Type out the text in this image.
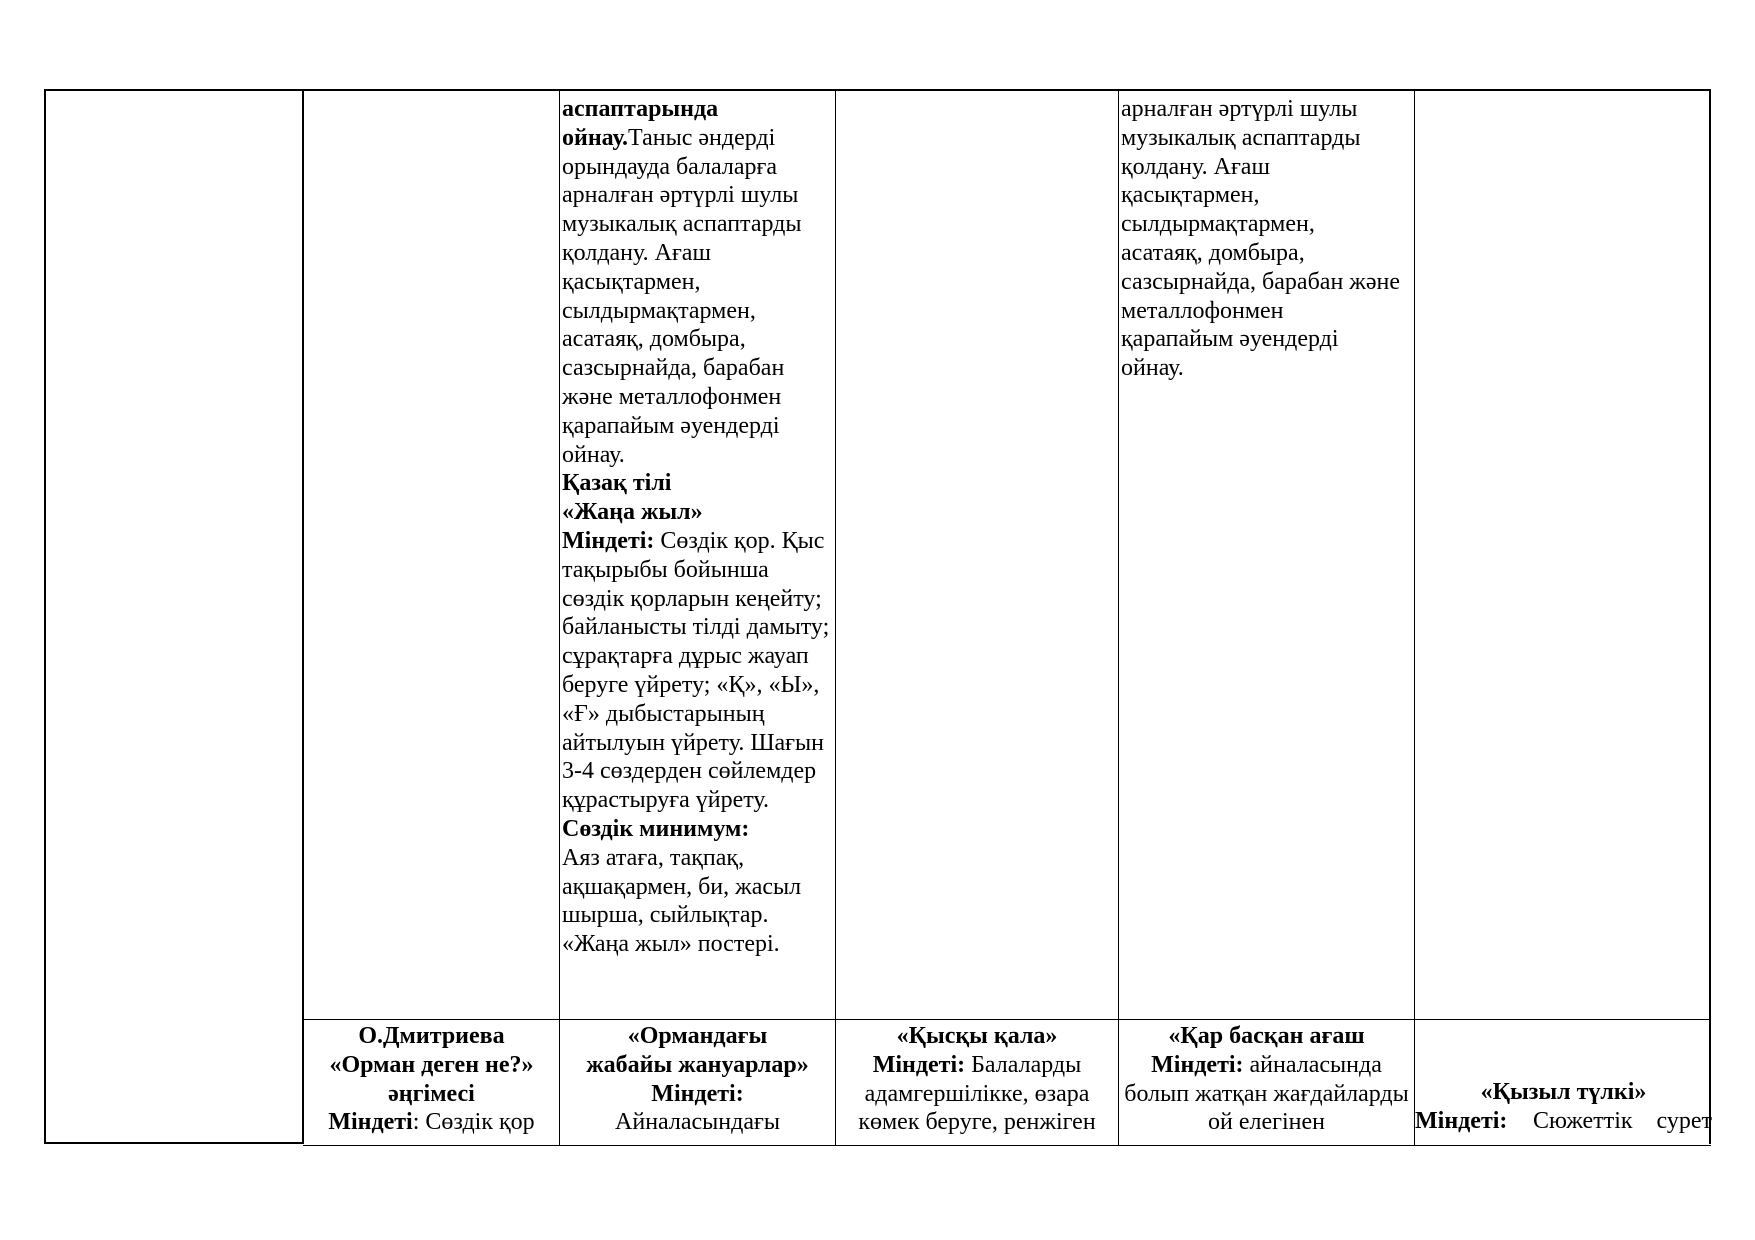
аспаптарында ойнау.Таныс әндерді орындауда балаларға арналған әртүрлі шулы музыкалық аспаптарды қолдану. Ағаш қасықтармен, сылдырмақтармен, асатаяқ, домбыра, сазсырнайда, барабан және металлофонмен қарапайым әуендерді ойнау.

Қазақ тілі

«Жаңа жыл»

Міндеті: Сөздік қор. Қыс тақырыбы бойынша сөздік қорларын кеңейту; байланысты тілді дамыту; сұрақтарға дұрыс жауап беруге үйрету; «Қ», «Ы», «Ғ» дыбыстарының айтылуын үйрету. Шағын 3-4 сөздерден сөйлемдер құрастыруға үйрету. Сөздік минимум:

Аяз атаға, тақпақ, ақшақармен, би, жасыл шырша, сыйлықтар. «Жаңа жыл» постері.

арналған әртүрлі шулы музыкалық аспаптарды қолдану. Ағаш қасықтармен, сылдырмақтармен, асатаяқ, домбыра, сазсырнайда, барабан және металлофонмен қарапайым әуендерді ойнау.

О.Дмитриева

«Орман деген не?»

әңгімесі

Міндеті: Сөздік қор

«Ормандағы

жабайы жануарлар»

Міндеті:

Айналасындағы

«Қысқы қала»

Міндеті: Балаларды адамгершілікке, өзара көмек беруге, ренжіген

«Қар басқан ағаш

Міндеті: айналасында болып жатқан жағдайларды ой елегінен

«Қызыл түлкі»

Міндеті: Сюжеттік сурет
